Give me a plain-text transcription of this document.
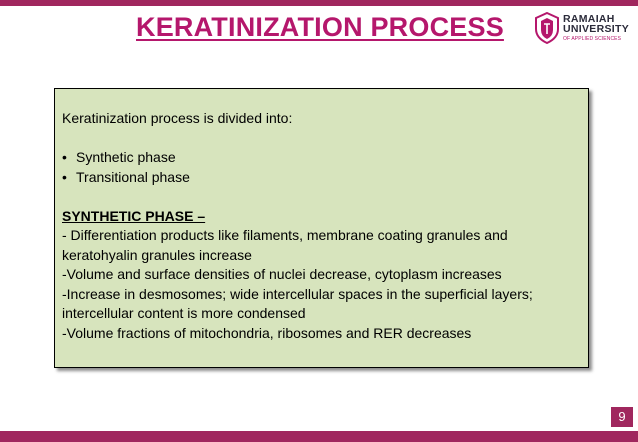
KERATINIZATION PROCESS	RAMAIAH
UNIVERSITY
OF APPLIED SCIENCES
Keratinization process is divided into:
• Synthetic phase
• Transitional phase
SYNTHETIC PHASE –
- Differentiation products like filaments, membrane coating granules and
keratohyalin granules increase
-Volume and surface densities of nuclei decrease, cytoplasm increases
-Increase in desmosomes; wide intercellular spaces in the superficial layers;
intercellular content is more condensed
-Volume fractions of mitochondria, ribosomes and RER decreases
9
